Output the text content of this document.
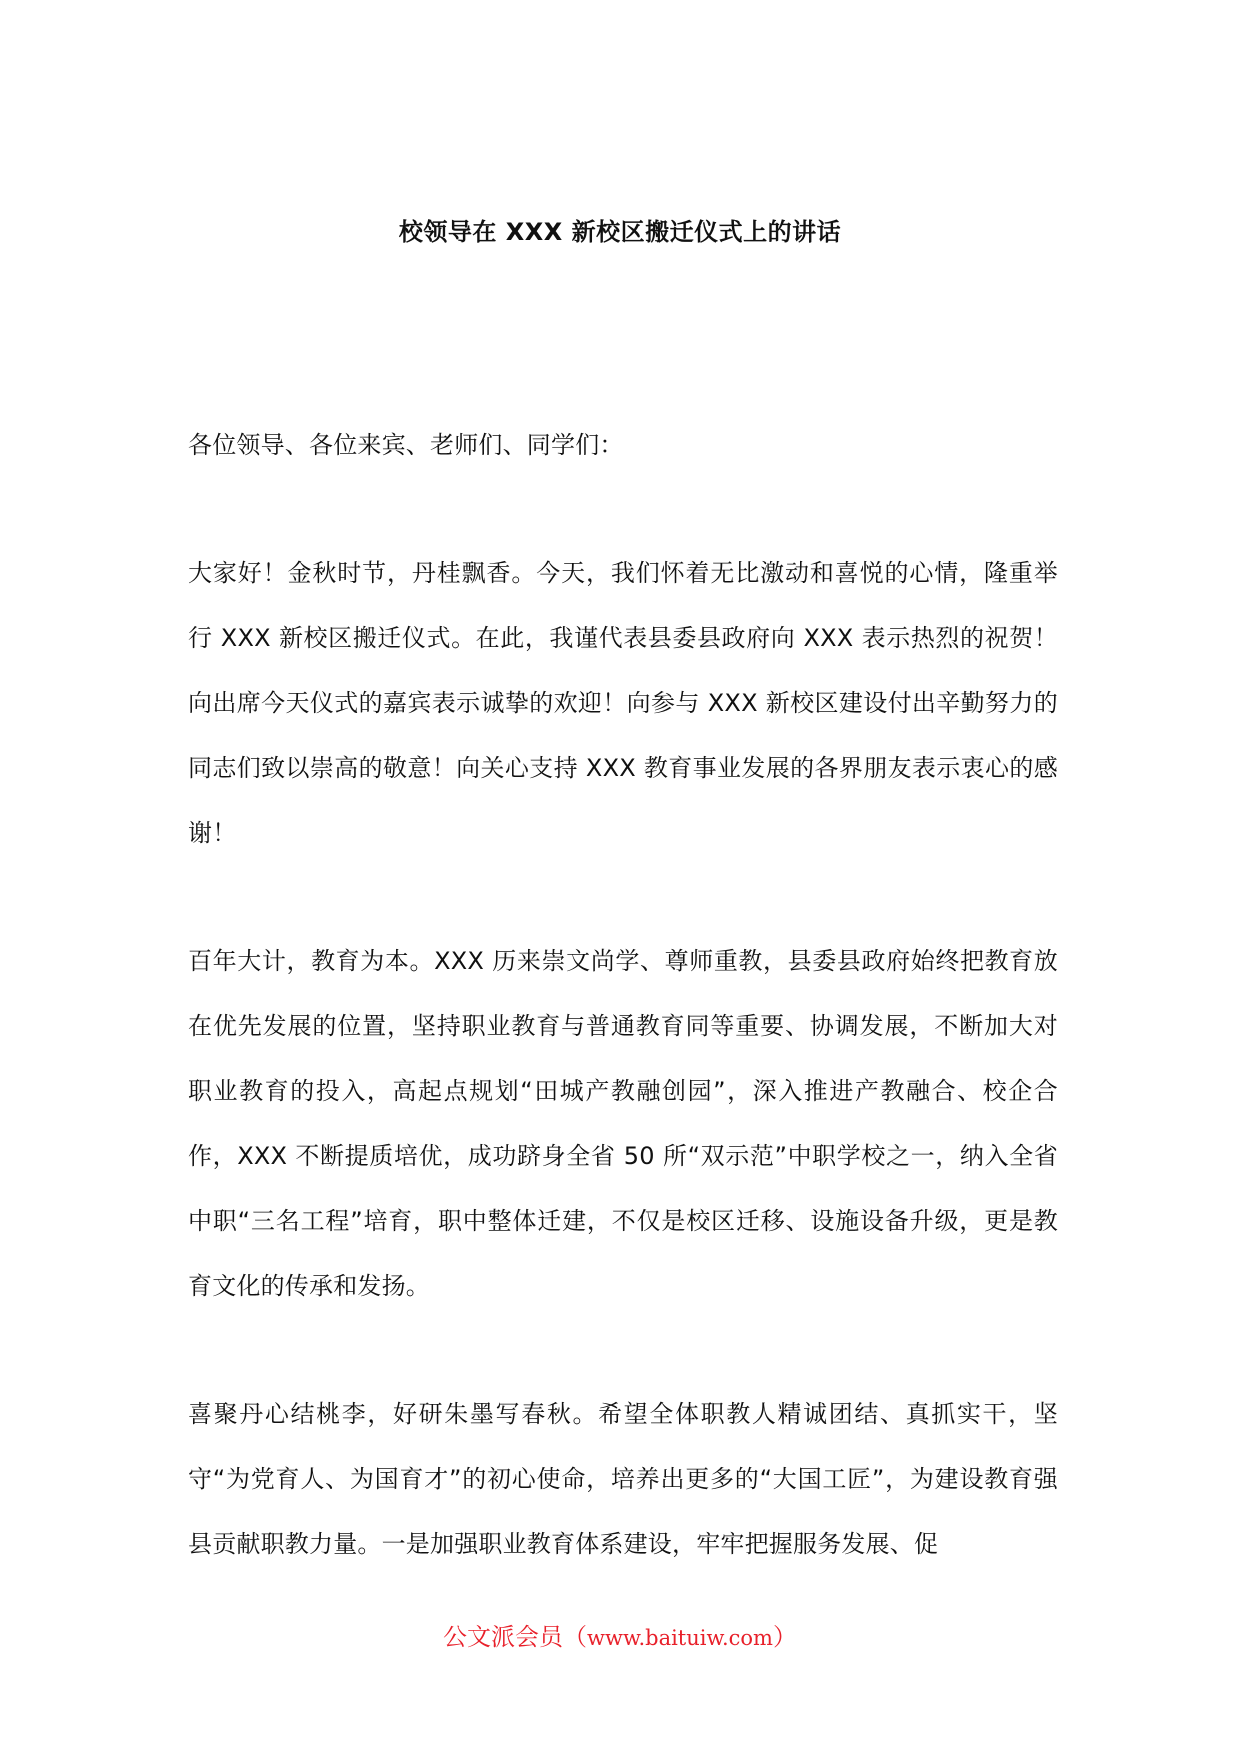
校领导在 XXX 新校区搬迁仪式上的讲话
各位领导、各位来宾、老师们、同学们：
大家好！金秋时节，丹桂飘香。今天，我们怀着无比激动和喜悦的心情，隆重举行 XXX 新校区搬迁仪式。在此，我谨代表县委县政府向 XXX 表示热烈的祝贺！向出席今天仪式的嘉宾表示诚挚的欢迎！向参与 XXX 新校区建设付出辛勤努力的同志们致以崇高的敬意！向关心支持 XXX 教育事业发展的各界朋友表示衷心的感谢！
百年大计，教育为本。XXX 历来崇文尚学、尊师重教，县委县政府始终把教育放在优先发展的位置，坚持职业教育与普通教育同等重要、协调发展，不断加大对职业教育的投入，高起点规划“田城产教融创园”，深入推进产教融合、校企合作，XXX 不断提质培优，成功跻身全省 50 所“双示范”中职学校之一，纳入全省中职“三名工程”培育，职中整体迁建，不仅是校区迁移、设施设备升级，更是教育文化的传承和发扬。
喜聚丹心结桃李，好研朱墨写春秋。希望全体职教人精诚团结、真抓实干，坚守“为党育人、为国育才”的初心使命，培养出更多的“大国工匠”，为建设教育强县贡献职教力量。一是加强职业教育体系建设，牢牢把握服务发展、促
公文派会员（www.baituiw.com）
